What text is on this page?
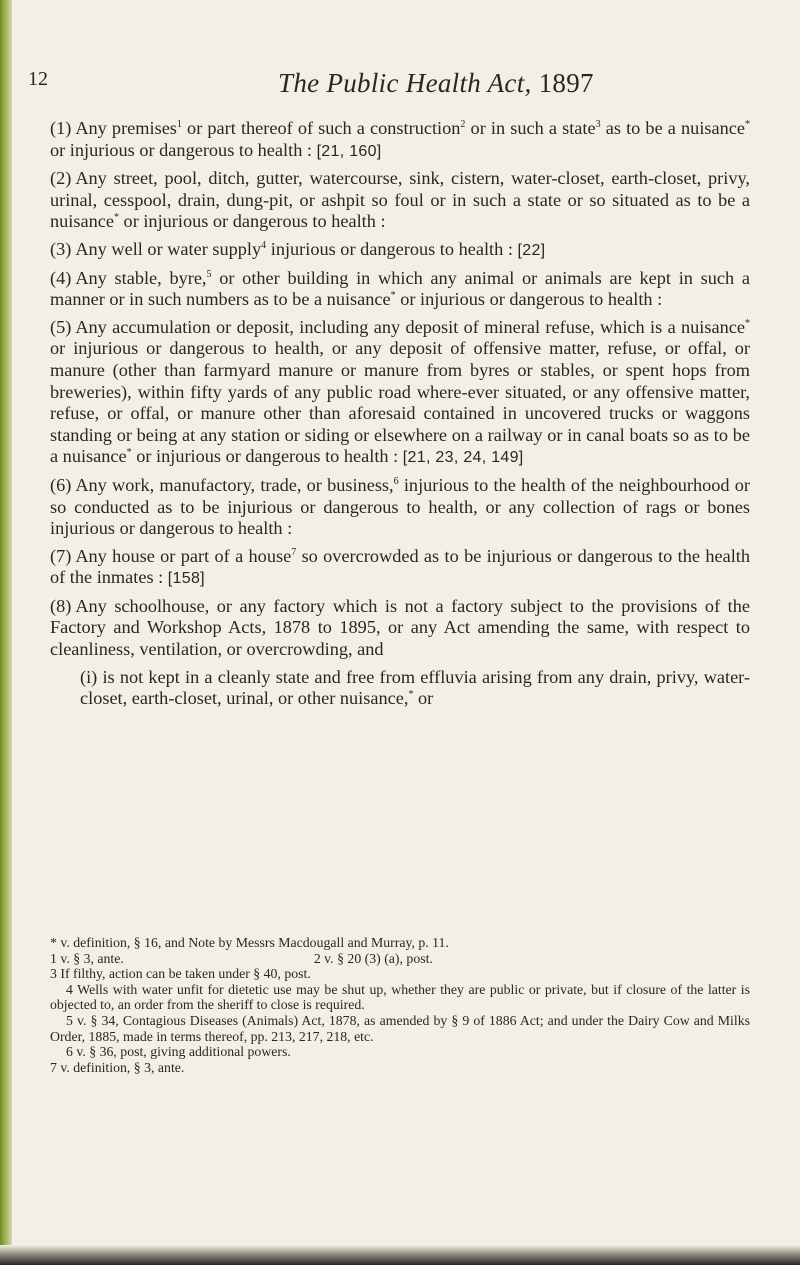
12	The Public Health Act, 1897

(1) Any premises$^1$ or part thereof of such a construction$^2$ or in such a state$^3$ as to be a nuisance* or injurious or dangerous to health : [21, 160]

(2) Any street, pool, ditch, gutter, watercourse, sink, cistern, water-closet, earth-closet, privy, urinal, cesspool, drain, dung-pit, or ashpit so foul or in such a state or so situated as to be a nuisance* or injurious or dangerous to health :

(3) Any well or water supply$^4$ injurious or dangerous to health : [22]

(4) Any stable, byre,$^5$ or other building in which any animal or animals are kept in such a manner or in such numbers as to be a nuisance* or injurious or dangerous to health :

(5) Any accumulation or deposit, including any deposit of mineral refuse, which is a nuisance* or injurious or dangerous to health, or any deposit of offensive matter, refuse, or offal, or manure (other than farmyard manure or manure from byres or stables, or spent hops from breweries), within fifty yards of any public road where-ever situated, or any offensive matter, refuse, or offal, or manure other than aforesaid contained in uncovered trucks or waggons standing or being at any station or siding or elsewhere on a railway or in canal boats so as to be a nuisance* or injurious or dangerous to health : [21, 23, 24, 149]

(6) Any work, manufactory, trade, or business,$^6$ injurious to the health of the neighbourhood or so conducted as to be injurious or dangerous to health, or any collection of rags or bones injurious or dangerous to health :

(7) Any house or part of a house$^7$ so overcrowded as to be injurious or dangerous to the health of the inmates : [158]

(8) Any schoolhouse, or any factory which is not a factory subject to the provisions of the Factory and Workshop Acts, 1878 to 1895, or any Act amending the same, with respect to cleanliness, ventilation, or overcrowding, and

(i) is not kept in a cleanly state and free from effluvia arising from any drain, privy, water-closet, earth-closet, urinal, or other nuisance,* or

* v. definition, § 16, and Note by Messrs Macdougall and Murray, p. 11.

1 v. § 3, ante.	2 v. § 20 (3) (a), post.

3 If filthy, action can be taken under § 40, post.

4 Wells with water unfit for dietetic use may be shut up, whether they are public or private, but if closure of the latter is objected to, an order from the sheriff to close is required.

5 v. § 34, Contagious Diseases (Animals) Act, 1878, as amended by § 9 of 1886 Act; and under the Dairy Cow and Milks Order, 1885, made in terms thereof, pp. 213, 217, 218, etc.

6 v. § 36, post, giving additional powers.

7 v. definition, § 3, ante.
